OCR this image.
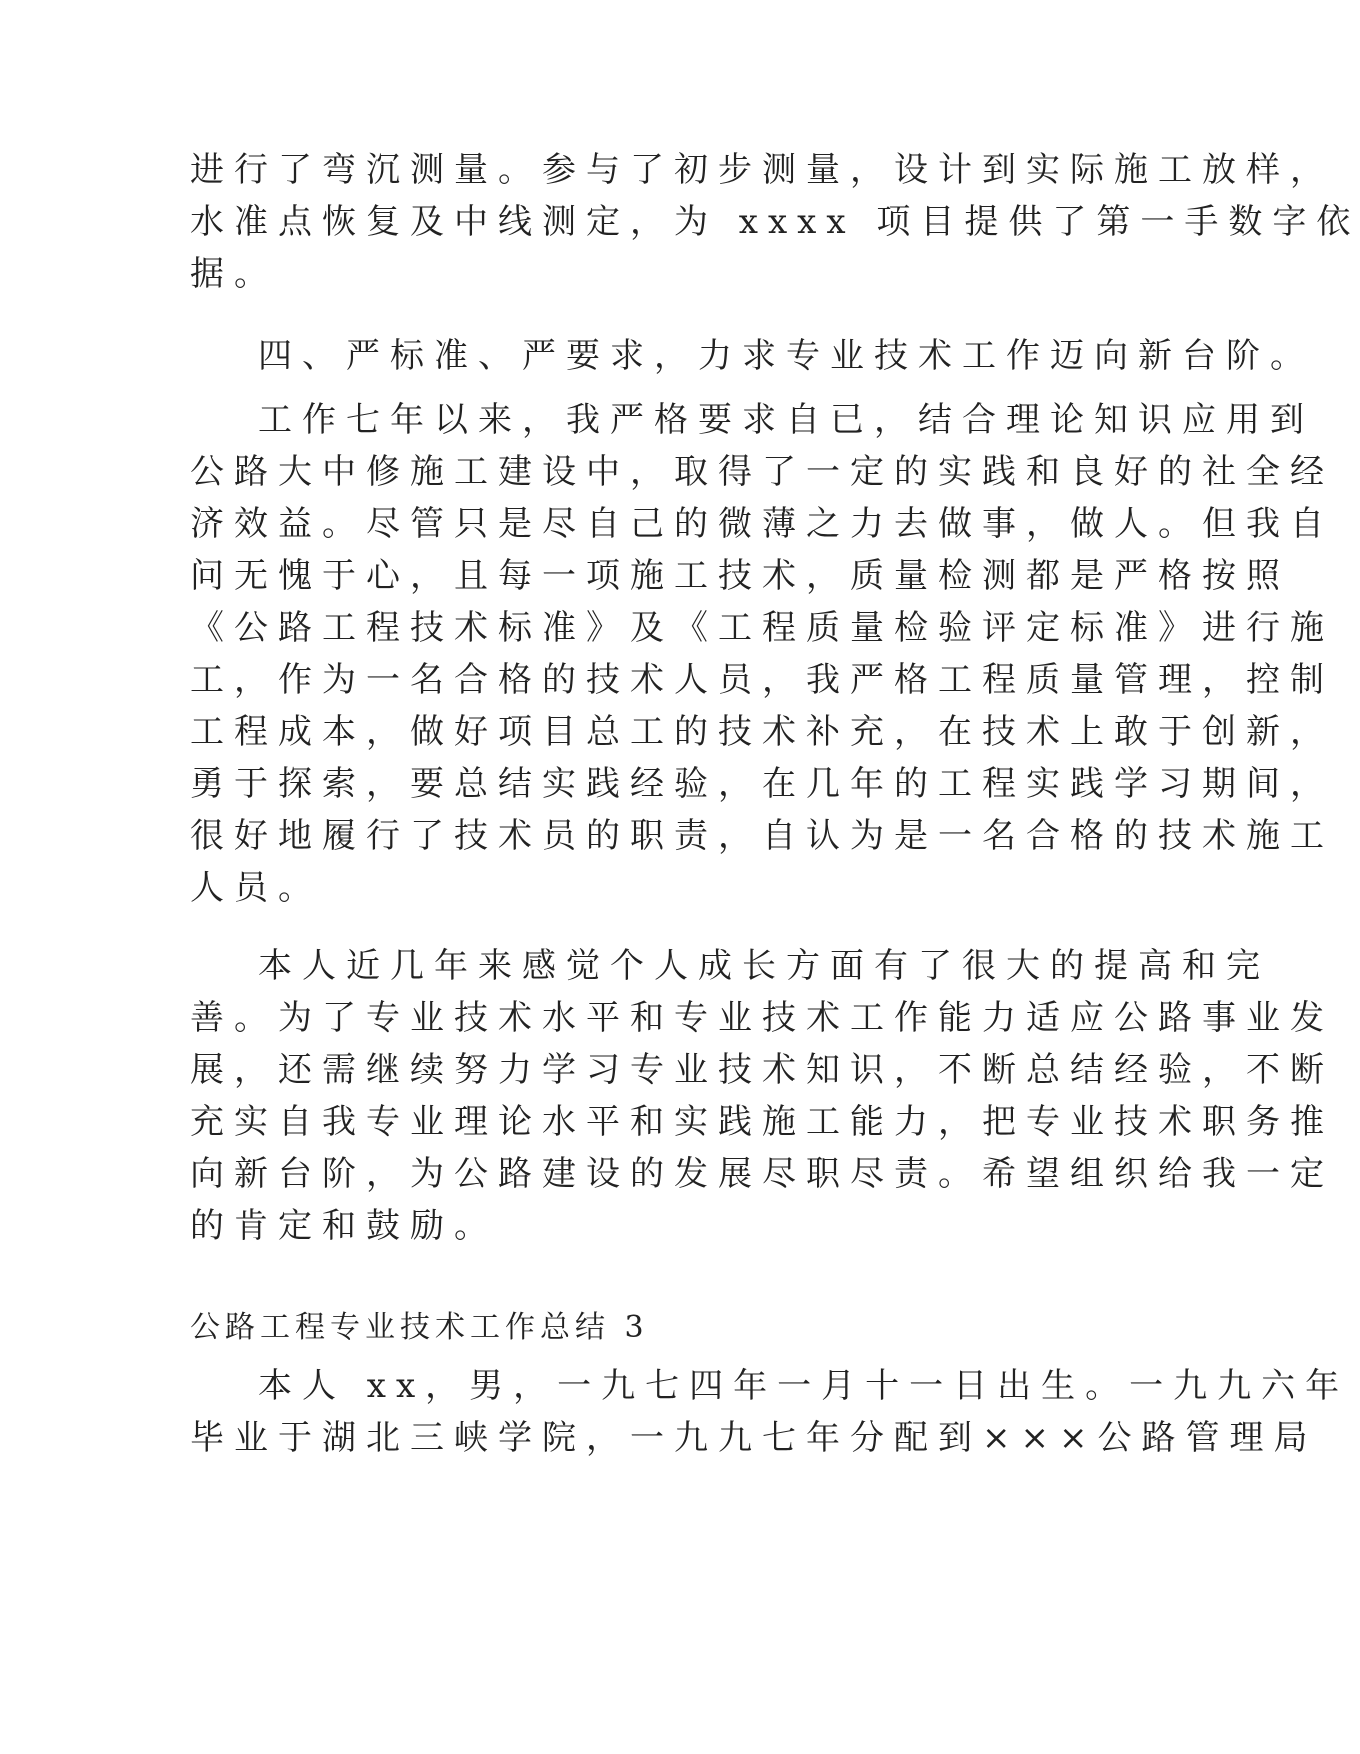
进行了弯沉测量。参与了初步测量，设计到实际施工放样，
水准点恢复及中线测定，为 xxxx 项目提供了第一手数字依
据。
四、严标准、严要求，力求专业技术工作迈向新台阶。
工作七年以来，我严格要求自已，结合理论知识应用到
公路大中修施工建设中，取得了一定的实践和良好的社全经
济效益。尽管只是尽自己的微薄之力去做事，做人。但我自
问无愧于心，且每一项施工技术，质量检测都是严格按照
《公路工程技术标准》及《工程质量检验评定标准》进行施
工，作为一名合格的技术人员，我严格工程质量管理，控制
工程成本，做好项目总工的技术补充，在技术上敢于创新，
勇于探索，要总结实践经验，在几年的工程实践学习期间，
很好地履行了技术员的职责，自认为是一名合格的技术施工
人员。
本人近几年来感觉个人成长方面有了很大的提高和完
善。为了专业技术水平和专业技术工作能力适应公路事业发
展，还需继续努力学习专业技术知识，不断总结经验，不断
充实自我专业理论水平和实践施工能力，把专业技术职务推
向新台阶，为公路建设的发展尽职尽责。希望组织给我一定
的肯定和鼓励。
公路工程专业技术工作总结 3
本人 xx，男，一九七四年一月十一日出生。一九九六年
毕业于湖北三峡学院，一九九七年分配到×××公路管理局
